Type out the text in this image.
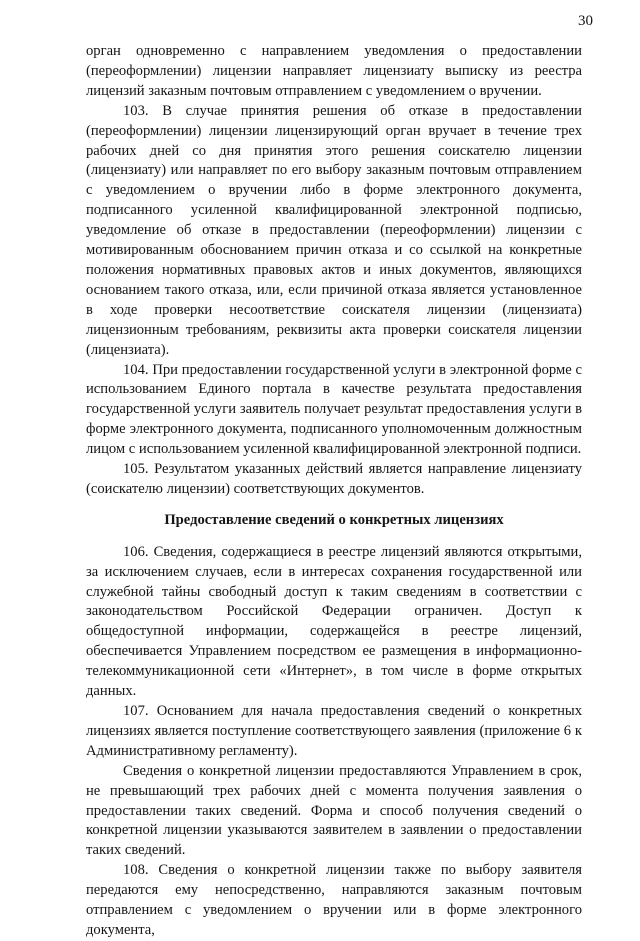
30

орган одновременно с направлением уведомления о предоставлении (переоформлении) лицензии направляет лицензиату выписку из реестра лицензий заказным почтовым отправлением с уведомлением о вручении.

103. В случае принятия решения об отказе в предоставлении (переоформлении) лицензии лицензирующий орган вручает в течение трех рабочих дней со дня принятия этого решения соискателю лицензии (лицензиату) или направляет по его выбору заказным почтовым отправлением с уведомлением о вручении либо в форме электронного документа, подписанного усиленной квалифицированной электронной подписью, уведомление об отказе в предоставлении (переоформлении) лицензии с мотивированным обоснованием причин отказа и со ссылкой на конкретные положения нормативных правовых актов и иных документов, являющихся основанием такого отказа, или, если причиной отказа является установленное в ходе проверки несоответствие соискателя лицензии (лицензиата) лицензионным требованиям, реквизиты акта проверки соискателя лицензии (лицензиата).

104. При предоставлении государственной услуги в электронной форме с использованием Единого портала в качестве результата предоставления государственной услуги заявитель получает результат предоставления услуги в форме электронного документа, подписанного уполномоченным должностным лицом с использованием усиленной квалифицированной электронной подписи.

105. Результатом указанных действий является направление лицензиату (соискателю лицензии) соответствующих документов.

Предоставление сведений о конкретных лицензиях

106. Сведения, содержащиеся в реестре лицензий являются открытыми, за исключением случаев, если в интересах сохранения государственной или служебной тайны свободный доступ к таким сведениям в соответствии с законодательством Российской Федерации ограничен. Доступ к общедоступной информации, содержащейся в реестре лицензий, обеспечивается Управлением посредством ее размещения в информационно-телекоммуникационной сети «Интернет», в том числе в форме открытых данных.

107. Основанием для начала предоставления сведений о конкретных лицензиях является поступление соответствующего заявления (приложение 6 к Административному регламенту).

Сведения о конкретной лицензии предоставляются Управлением в срок, не превышающий трех рабочих дней с момента получения заявления о предоставлении таких сведений. Форма и способ получения сведений о конкретной лицензии указываются заявителем в заявлении о предоставлении таких сведений.

108. Сведения о конкретной лицензии также по выбору заявителя передаются ему непосредственно, направляются заказным почтовым отправлением с уведомлением о вручении или в форме электронного документа,
